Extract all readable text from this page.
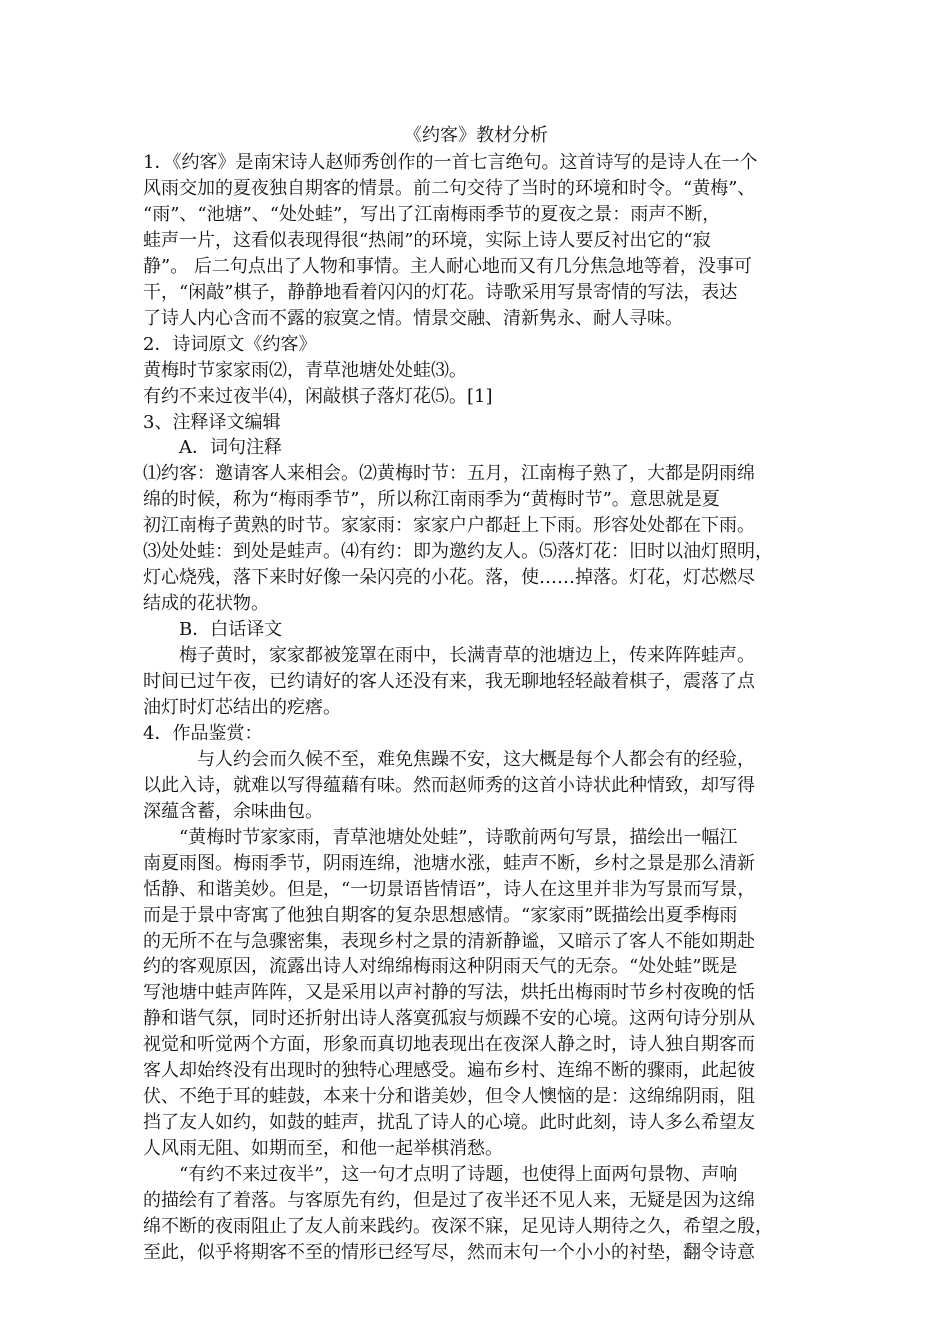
《约客》教材分析
1．《约客》是南宋诗人赵师秀创作的一首七言绝句。这首诗写的是诗人在一个
风雨交加的夏夜独自期客的情景。前二句交待了当时的环境和时令。“黄梅”、
“雨”、“池塘”、“处处蛙”，写出了江南梅雨季节的夏夜之景：雨声不断，
蛙声一片，这看似表现得很“热闹”的环境，实际上诗人要反衬出它的“寂
静”。 后二句点出了人物和事情。主人耐心地而又有几分焦急地等着，没事可
干，“闲敲”棋子，静静地看着闪闪的灯花。诗歌采用写景寄情的写法，表达
了诗人内心含而不露的寂寞之情。情景交融、清新隽永、耐人寻味。
2．诗词原文《约客》
黄梅时节家家雨⑵，青草池塘处处蛙⑶。
有约不来过夜半⑷，闲敲棋子落灯花⑸。[1]
3、注释译文编辑
　　A．词句注释
⑴约客：邀请客人来相会。⑵黄梅时节：五月，江南梅子熟了，大都是阴雨绵
绵的时候，称为“梅雨季节”，所以称江南雨季为“黄梅时节”。意思就是夏
初江南梅子黄熟的时节。家家雨：家家户户都赶上下雨。形容处处都在下雨。
⑶处处蛙：到处是蛙声。⑷有约：即为邀约友人。⑸落灯花：旧时以油灯照明，
灯心烧残，落下来时好像一朵闪亮的小花。落，使……掉落。灯花，灯芯燃尽
结成的花状物。
　　B．白话译文
　　梅子黄时，家家都被笼罩在雨中，长满青草的池塘边上，传来阵阵蛙声。
时间已过午夜，已约请好的客人还没有来，我无聊地轻轻敲着棋子，震落了点
油灯时灯芯结出的疙瘩。
4．作品鉴赏：
　　　与人约会而久候不至，难免焦躁不安，这大概是每个人都会有的经验，
以此入诗，就难以写得蕴藉有味。然而赵师秀的这首小诗状此种情致，却写得
深蕴含蓄，余味曲包。
　　“黄梅时节家家雨，青草池塘处处蛙”，诗歌前两句写景，描绘出一幅江
南夏雨图。梅雨季节，阴雨连绵，池塘水涨，蛙声不断，乡村之景是那么清新
恬静、和谐美妙。但是，“一切景语皆情语”，诗人在这里并非为写景而写景，
而是于景中寄寓了他独自期客的复杂思想感情。“家家雨”既描绘出夏季梅雨
的无所不在与急骤密集，表现乡村之景的清新静谧，又暗示了客人不能如期赴
约的客观原因，流露出诗人对绵绵梅雨这种阴雨天气的无奈。“处处蛙”既是
写池塘中蛙声阵阵，又是采用以声衬静的写法，烘托出梅雨时节乡村夜晚的恬
静和谐气氛，同时还折射出诗人落寞孤寂与烦躁不安的心境。这两句诗分别从
视觉和听觉两个方面，形象而真切地表现出在夜深人静之时，诗人独自期客而
客人却始终没有出现时的独特心理感受。遍布乡村、连绵不断的骤雨，此起彼
伏、不绝于耳的蛙鼓，本来十分和谐美妙，但令人懊恼的是：这绵绵阴雨，阻
挡了友人如约，如鼓的蛙声，扰乱了诗人的心境。此时此刻，诗人多么希望友
人风雨无阻、如期而至，和他一起举棋消愁。
　　“有约不来过夜半”，这一句才点明了诗题，也使得上面两句景物、声响
的描绘有了着落。与客原先有约，但是过了夜半还不见人来，无疑是因为这绵
绵不断的夜雨阻止了友人前来践约。夜深不寐，足见诗人期待之久，希望之殷，
至此，似乎将期客不至的情形已经写尽，然而末句一个小小的衬垫，翻令诗意
